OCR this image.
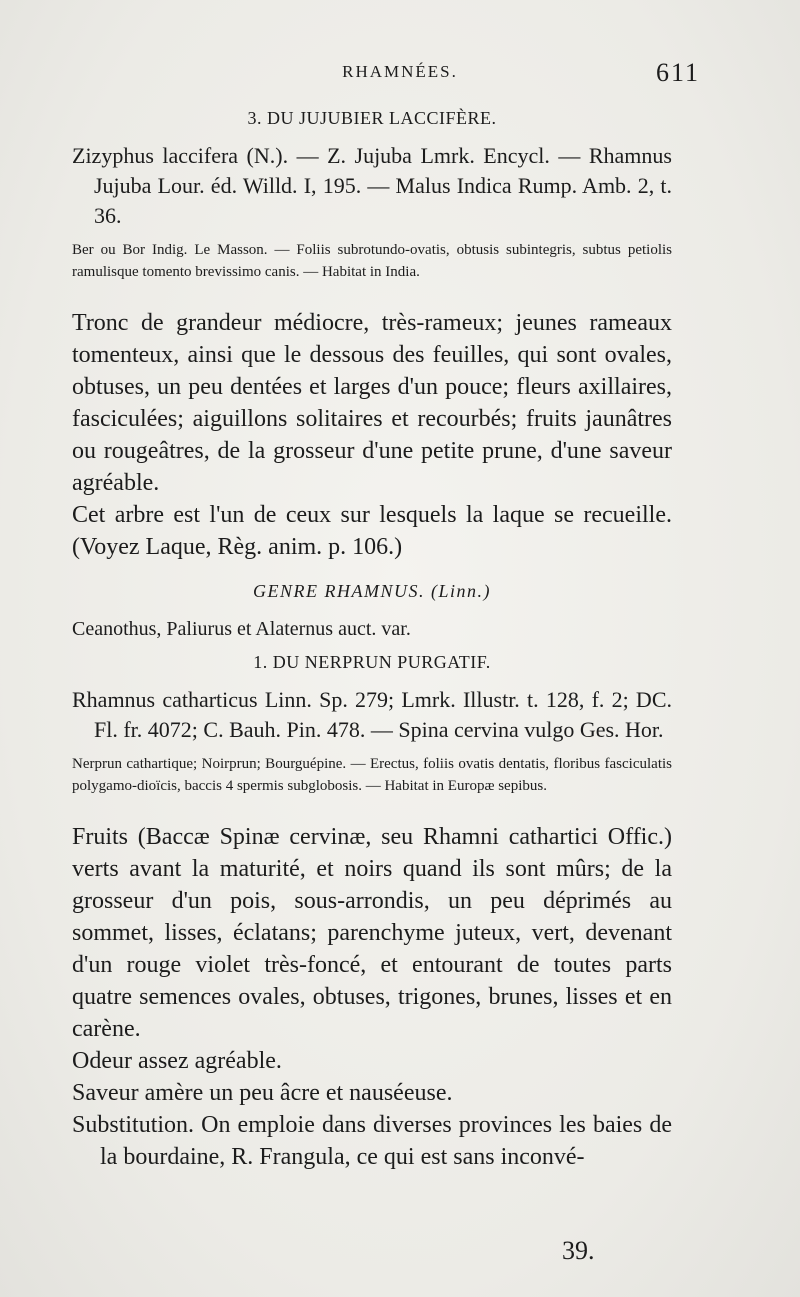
RHAMNÉES.	611
3. DU JUJUBIER LACCIFÈRE.

Zizyphus laccifera (N.). — Z. Jujuba Lmrk. Encycl. — Rhamnus Jujuba Lour. éd. Willd. I, 195. — Malus Indica Rump. Amb. 2, t. 36.

Ber ou Bor Indig. Le Masson. — Foliis subrotundo-ovatis, obtusis subintegris, subtus petiolis ramulisque tomento brevissimo canis. — Habitat in India.

Tronc de grandeur médiocre, très-rameux; jeunes rameaux tomenteux, ainsi que le dessous des feuilles, qui sont ovales, obtuses, un peu dentées et larges d'un pouce; fleurs axillaires, fasciculées; aiguillons solitaires et recourbés; fruits jaunâtres ou rougeâtres, de la grosseur d'une petite prune, d'une saveur agréable.

Cet arbre est l'un de ceux sur lesquels la laque se recueille. (Voyez Laque, Règ. anim. p. 106.)

GENRE RHAMNUS. (Linn.)

Ceanothus, Paliurus et Alaternus auct. var.

1. DU NERPRUN PURGATIF.

Rhamnus catharticus Linn. Sp. 279; Lmrk. Illustr. t. 128, f. 2; DC. Fl. fr. 4072; C. Bauh. Pin. 478. — Spina cervina vulgo Ges. Hor.

Nerprun cathartique; Noirprun; Bourguépine. — Erectus, foliis ovatis dentatis, floribus fasciculatis polygamo-dioïcis, baccis 4 spermis subglobosis. — Habitat in Europæ sepibus.

Fruits (Baccæ Spinæ cervinæ, seu Rhamni cathartici Offic.) verts avant la maturité, et noirs quand ils sont mûrs; de la grosseur d'un pois, sous-arrondis, un peu déprimés au sommet, lisses, éclatans; parenchyme juteux, vert, devenant d'un rouge violet très-foncé, et entourant de toutes parts quatre semences ovales, obtuses, trigones, brunes, lisses et en carène.

Odeur assez agréable.

Saveur amère un peu âcre et nauséeuse.

Substitution. On emploie dans diverses provinces les baies de la bourdaine, R. Frangula, ce qui est sans inconvé-

39.
